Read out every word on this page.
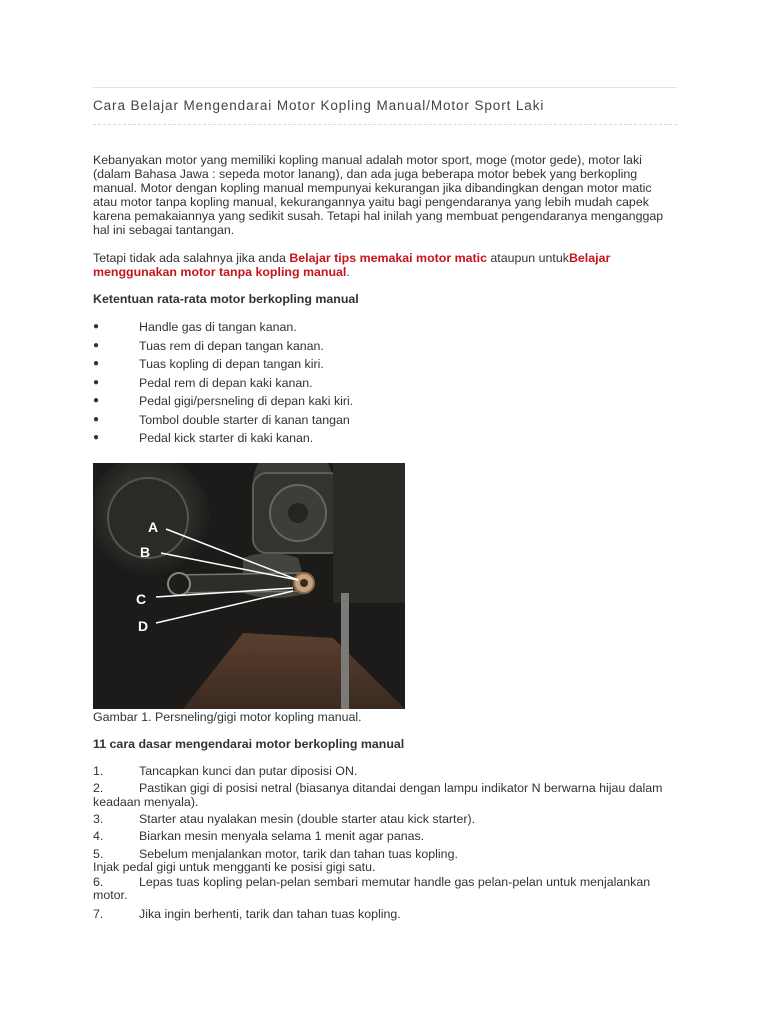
Cara Belajar Mengendarai Motor Kopling Manual/Motor Sport Laki

Kebanyakan motor yang memiliki kopling manual adalah motor sport, moge (motor gede), motor laki (dalam Bahasa Jawa : sepeda motor lanang), dan ada juga beberapa motor bebek yang berkopling manual. Motor dengan kopling manual mempunyai kekurangan jika dibandingkan dengan motor matic atau motor tanpa kopling manual, kekurangannya yaitu bagi pengendaranya yang lebih mudah capek karena pemakaiannya yang sedikit susah. Tetapi hal inilah yang membuat pengendaranya menganggap hal ini sebagai tantangan.

Tetapi tidak ada salahnya jika anda Belajar tips memakai motor matic ataupun untukBelajar menggunakan motor tanpa kopling manual.

Ketentuan rata-rata motor berkopling manual
●	Handle gas di tangan kanan.
●	Tuas rem di depan tangan kanan.
●	Tuas kopling di depan tangan kiri.
●	Pedal rem di depan kaki kanan.
●	Pedal gigi/persneling di depan kaki kiri.
●	Tombol double starter di kanan tangan
●	Pedal kick starter di kaki kanan.
A
B
C
D
Gambar 1. Persneling/gigi motor kopling manual.
11 cara dasar mengendarai motor berkopling manual
1.	Tancapkan kunci dan putar diposisi ON.
2.	Pastikan gigi di posisi netral (biasanya ditandai dengan lampu indikator N berwarna hijau dalam keadaan menyala).
3.	Starter atau nyalakan mesin (double starter atau kick starter).
4.	Biarkan mesin menyala selama 1 menit agar panas.
5.	Sebelum menjalankan motor, tarik dan tahan tuas kopling.
Injak pedal gigi untuk mengganti ke posisi gigi satu.
6.	Lepas tuas kopling pelan-pelan sembari memutar handle gas pelan-pelan untuk menjalankan motor.
7.	Jika ingin berhenti, tarik dan tahan tuas kopling.
